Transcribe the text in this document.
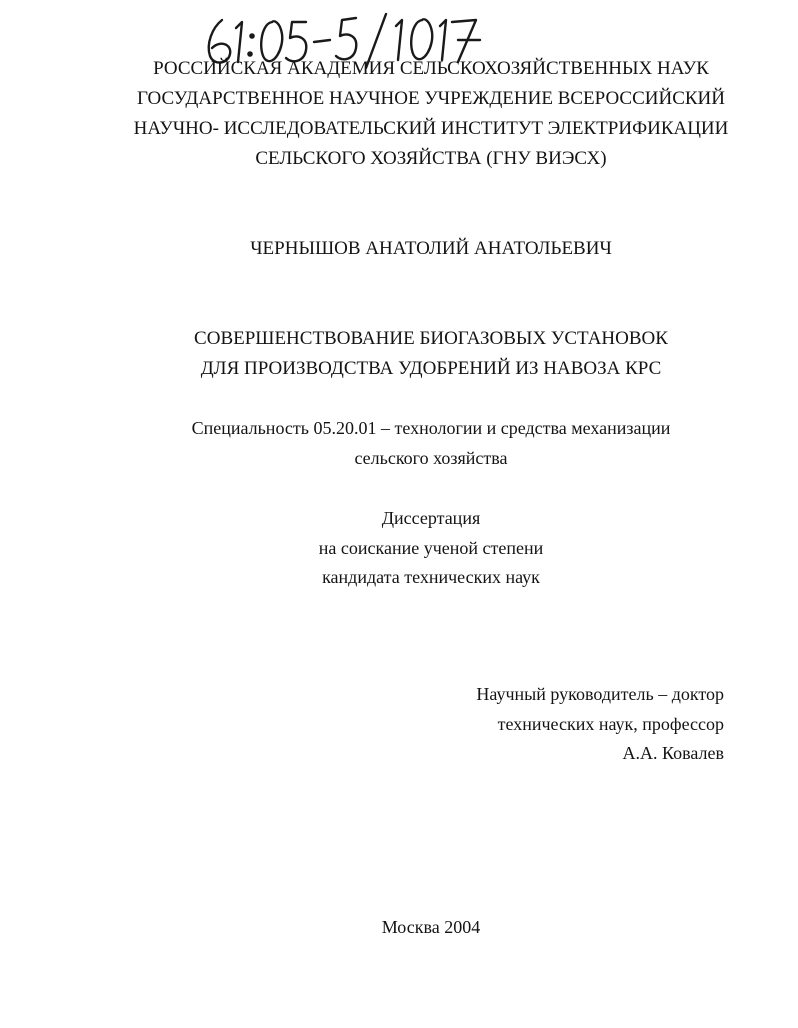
РОССИЙСКАЯ АКАДЕМИЯ СЕЛЬСКОХОЗЯЙСТВЕННЫХ НАУК
ГОСУДАРСТВЕННОЕ НАУЧНОЕ УЧРЕЖДЕНИЕ ВСЕРОССИЙСКИЙ
НАУЧНО- ИССЛЕДОВАТЕЛЬСКИЙ ИНСТИТУТ ЭЛЕКТРИФИКАЦИИ
СЕЛЬСКОГО ХОЗЯЙСТВА (ГНУ ВИЭСХ)
ЧЕРНЫШОВ АНАТОЛИЙ АНАТОЛЬЕВИЧ
СОВЕРШЕНСТВОВАНИЕ БИОГАЗОВЫХ УСТАНОВОК
ДЛЯ ПРОИЗВОДСТВА УДОБРЕНИЙ ИЗ НАВОЗА КРС
Специальность 05.20.01 – технологии и средства механизации
сельского хозяйства
Диссертация
на соискание ученой степени
кандидата технических наук
Научный руководитель – доктор
технических наук, профессор
А.А. Ковалев
Москва 2004
